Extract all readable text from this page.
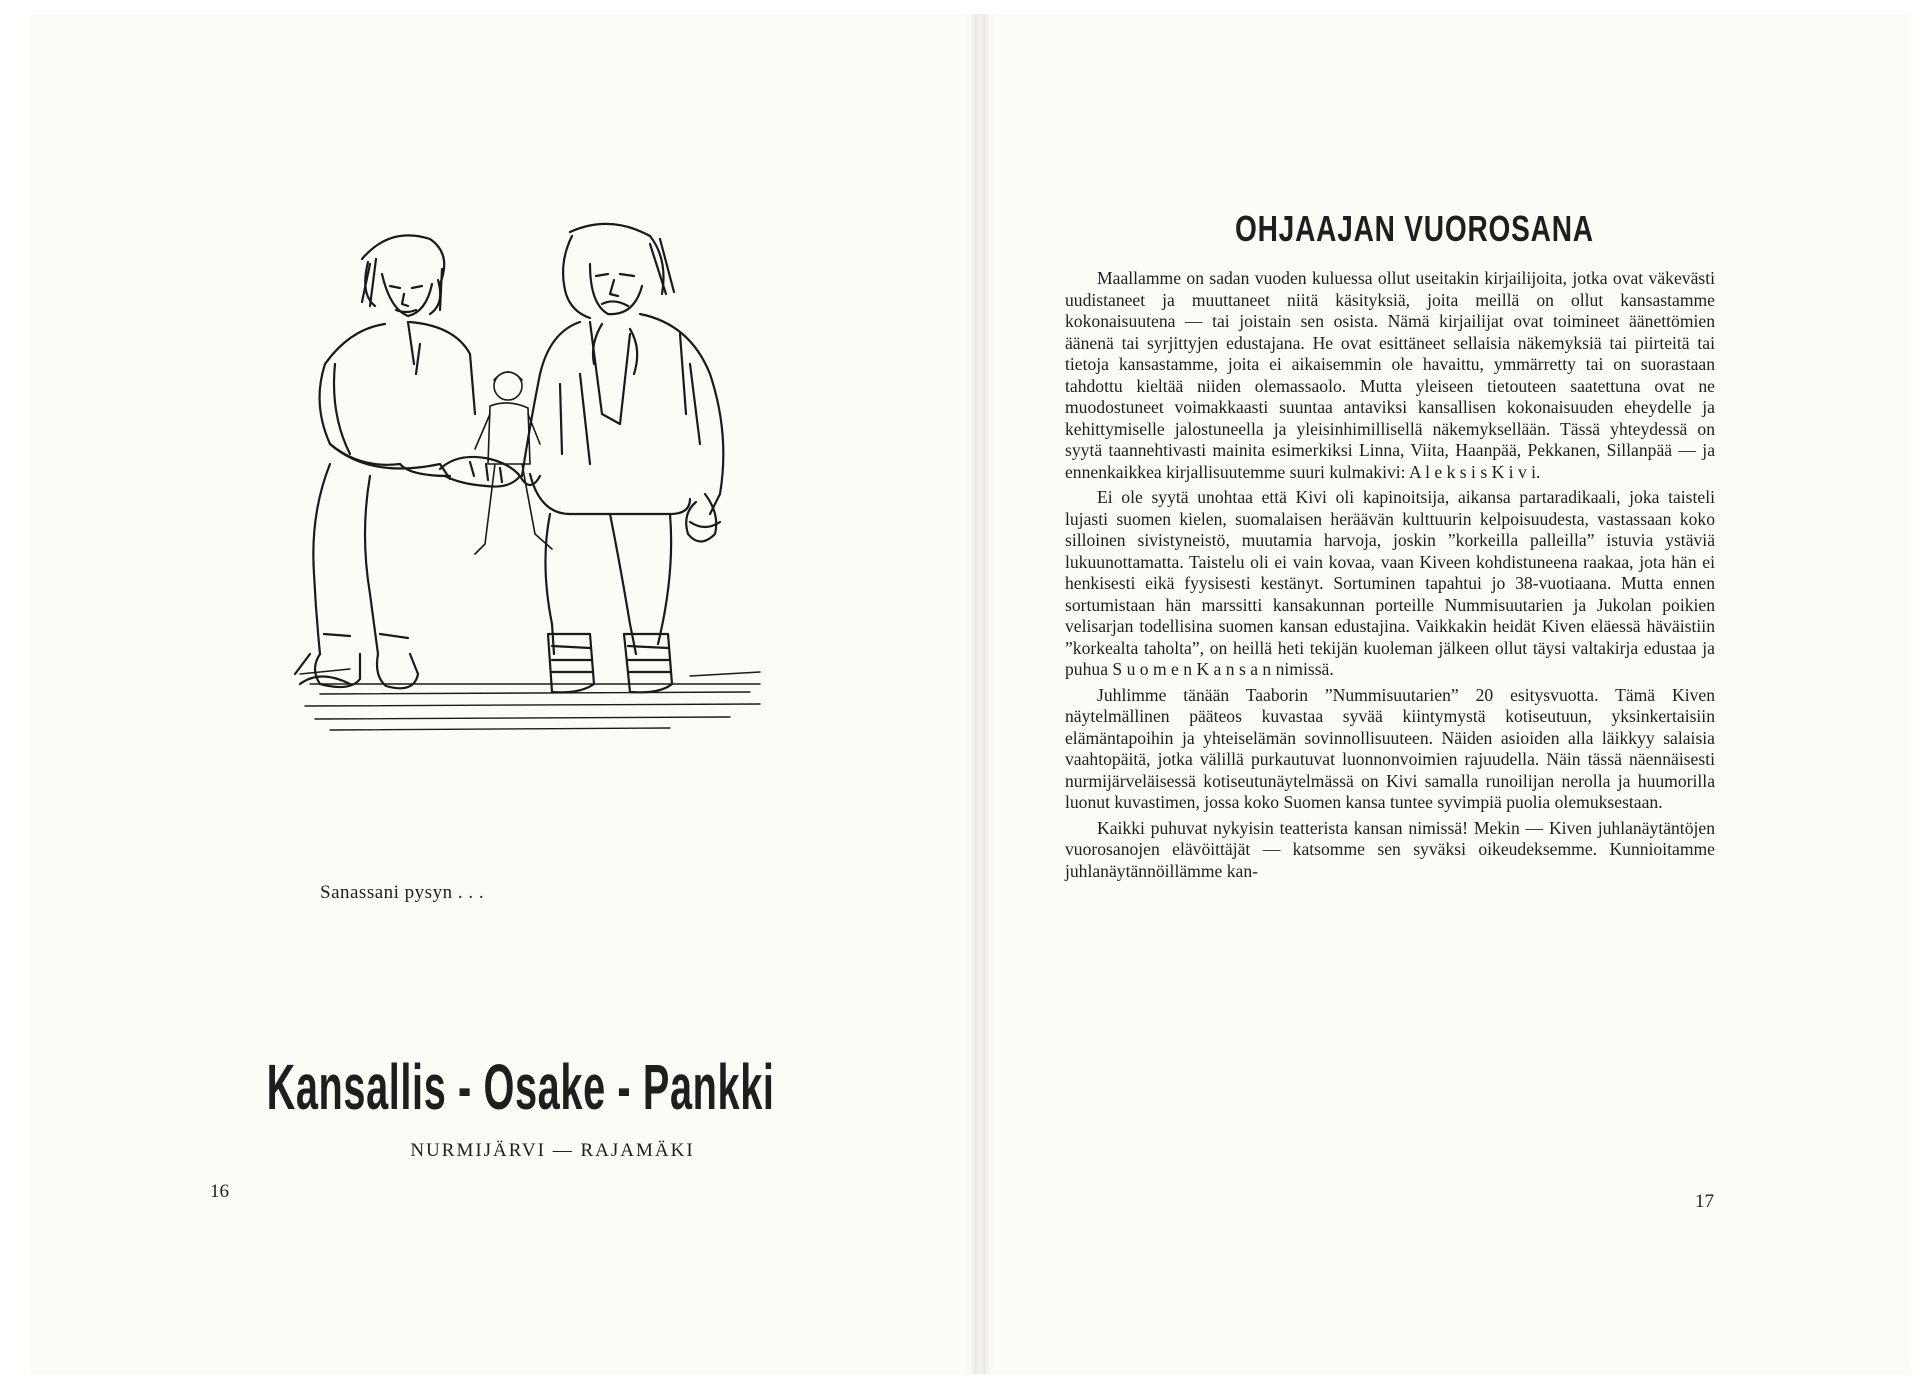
Sanassani pysyn . . .
Kansallis - Osake - Pankki
NURMIJÄRVI — RAJAMÄKI
16
OHJAAJAN VUOROSANA

Maallamme on sadan vuoden kuluessa ollut useitakin kirjailijoita, jotka ovat väkevästi uudistaneet ja muuttaneet niitä käsityksiä, joita meillä on ollut kansastamme kokonaisuutena — tai joistain sen osista. Nämä kirjailijat ovat toimineet äänettömien äänenä tai syrjittyjen edustajana. He ovat esittäneet sellaisia näkemyksiä tai piirteitä tai tietoja kansastamme, joita ei aikaisemmin ole havaittu, ymmärretty tai on suorastaan tahdottu kieltää niiden olemassaolo. Mutta yleiseen tietouteen saatettuna ovat ne muodostuneet voimakkaasti suuntaa antaviksi kansallisen kokonaisuuden eheydelle ja kehittymiselle jalostuneella ja yleisinhimillisellä näkemyksellään. Tässä yhteydessä on syytä taannehtivasti mainita esimerkiksi Linna, Viita, Haanpää, Pekkanen, Sillanpää — ja ennenkaikkea kirjallisuutemme suuri kulmakivi: A l e k s i s K i v i.

Ei ole syytä unohtaa että Kivi oli kapinoitsija, aikansa partaradikaali, joka taisteli lujasti suomen kielen, suomalaisen heräävän kulttuurin kelpoisuudesta, vastassaan koko silloinen sivistyneistö, muutamia harvoja, joskin ”korkeilla palleilla” istuvia ystäviä lukuunottamatta. Taistelu oli ei vain kovaa, vaan Kiveen kohdistuneena raakaa, jota hän ei henkisesti eikä fyysisesti kestänyt. Sortuminen tapahtui jo 38-vuotiaana. Mutta ennen sortumistaan hän marssitti kansakunnan porteille Nummisuutarien ja Jukolan poikien velisarjan todellisina suomen kansan edustajina. Vaikkakin heidät Kiven eläessä häväistiin ”korkealta taholta”, on heillä heti tekijän kuoleman jälkeen ollut täysi valtakirja edustaa ja puhua S u o m e n K a n s a n nimissä.

Juhlimme tänään Taaborin ”Nummisuutarien” 20 esitysvuotta. Tämä Kiven näytelmällinen pääteos kuvastaa syvää kiintymystä kotiseutuun, yksinkertaisiin elämäntapoihin ja yhteiselämän sovinnollisuuteen. Näiden asioiden alla läikkyy salaisia vaahtopäitä, jotka välillä purkautuvat luonnonvoimien rajuudella. Näin tässä näennäisesti nurmijärveläisessä kotiseutunäytelmässä on Kivi samalla runoilijan nerolla ja huumorilla luonut kuvastimen, jossa koko Suomen kansa tuntee syvimpiä puolia olemuksestaan.

Kaikki puhuvat nykyisin teatterista kansan nimissä! Mekin — Kiven juhlanäytäntöjen vuorosanojen elävöittäjät — katsomme sen syväksi oikeudeksemme. Kunnioitamme juhlanäytännöillämme kan-

17
